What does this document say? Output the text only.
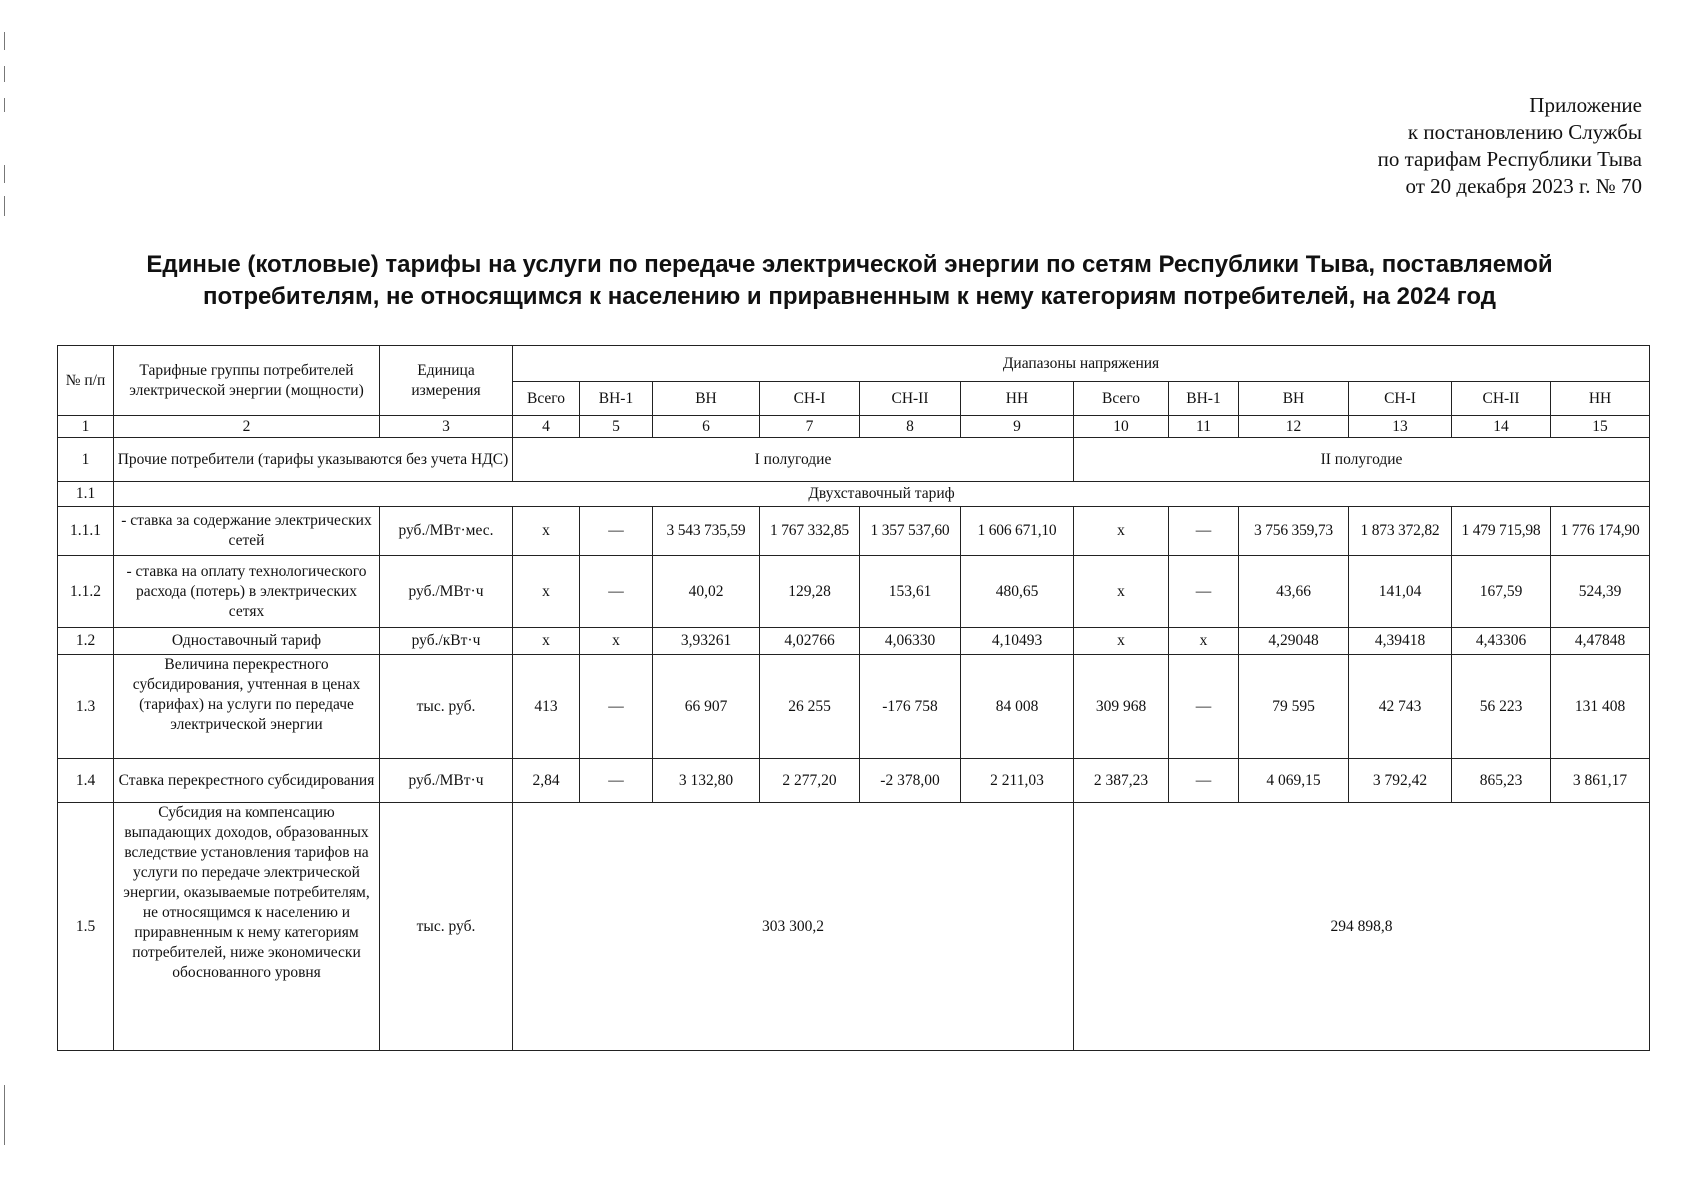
Приложение
к постановлению Службы
по тарифам Республики Тыва
от 20 декабря 2023 г. № 70
Единые (котловые) тарифы на услуги по передаче электрической энергии по сетям Республики Тыва, поставляемой
потребителям, не относящимся к населению и приравненным к нему категориям потребителей, на 2024 год
№ п/п	Тарифные группы потребителей электрической энергии (мощности)	Единица измерения	Диапазоны напряжения											
			Всего	ВН-1	ВН	СН-I	СН-II	НН	Всего	ВН-1	ВН	СН-I	СН-II	НН
1	2	3	4	5	6	7	8	9	10	11	12	13	14	15
1	Прочие потребители (тарифы указываются без учета НДС)		I полугодие						II полугодие					
1.1	Двухставочный тариф													
1.1.1	- ставка за содержание электрических сетей	руб./МВт·мес.	х	—	3 543 735,59	1 767 332,85	1 357 537,60	1 606 671,10	х	—	3 756 359,73	1 873 372,82	1 479 715,98	1 776 174,90
1.1.2	- ставка на оплату технологического расхода (потерь) в электрических сетях	руб./МВт·ч	х	—	40,02	129,28	153,61	480,65	х	—	43,66	141,04	167,59	524,39
1.2	Одноставочный тариф	руб./кВт·ч	х	х	3,93261	4,02766	4,06330	4,10493	х	х	4,29048	4,39418	4,43306	4,47848
1.3	Величина перекрестного субсидирования, учтенная в ценах (тарифах) на услуги по передаче электрической энергии	тыс. руб.	413	—	66 907	26 255	-176 758	84 008	309 968	—	79 595	42 743	56 223	131 408
1.4	Ставка перекрестного субсидирования	руб./МВт·ч	2,84	—	3 132,80	2 277,20	-2 378,00	2 211,03	2 387,23	—	4 069,15	3 792,42	865,23	3 861,17
1.5	Субсидия на компенсацию выпадающих доходов, образованных вследствие установления тарифов на услуги по передаче электрической энергии, оказываемые потребителям, не относящимся к населению и приравненным к нему категориям потребителей, ниже экономически обоснованного уровня	тыс. руб.	303 300,2						294 898,8					
